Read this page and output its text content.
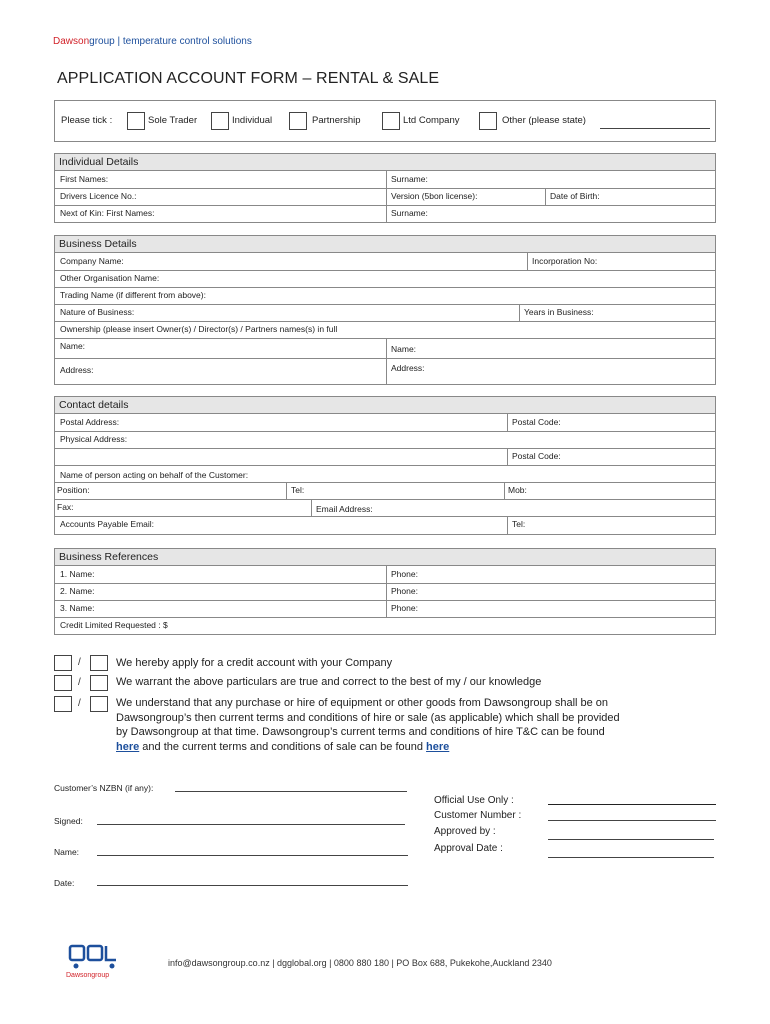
Dawsongroup | temperature control solutions
APPLICATION ACCOUNT FORM – RENTAL & SALE
Please tick :	Sole Trader	Individual	Partnership	Ltd Company	Other (please state)
Individual Details
First Names:	Surname:
Drivers Licence No.:	Version (5bon license):	Date of Birth:
Next of Kin: First Names:	Surname:
Business Details
Company Name:	Incorporation No:
Other Organisation Name:
Trading Name (if different from above):
Nature of Business:	Years in Business:
Ownership (please insert Owner(s) / Director(s) / Partners names(s) in full
Name:	Name:
Address:	Address:
Contact details
Postal Address:	Postal Code:
Physical Address:
Postal Code:
Name of person acting on behalf of the Customer:
Position:	Tel:	Mob:
Fax:	Email Address:
Accounts Payable Email:	Tel:
Business References
1. Name:	Phone:
2. Name:	Phone:
3. Name:	Phone:
Credit Limited Requested : $
/	We hereby apply for a credit account with your Company
/	We warrant the above particulars are true and correct to the best of my / our knowledge
/	We understand that any purchase or hire of equipment or other goods from Dawsongroup shall be on
Dawsongroup’s then current terms and conditions of hire or sale (as applicable) which shall be provided
by Dawsongroup at that time. Dawsongroup’s current terms and conditions of hire T&C can be found
here and the current terms and conditions of sale can be found here
Customer’s NZBN (if any):
Signed:
Name:
Date:
Official Use Only :
Customer Number :
Approved by :
Approval Date :
Dawsongroup
info@dawsongroup.co.nz | dgglobal.org | 0800 880 180 | PO Box 688, Pukekohe,Auckland 2340
